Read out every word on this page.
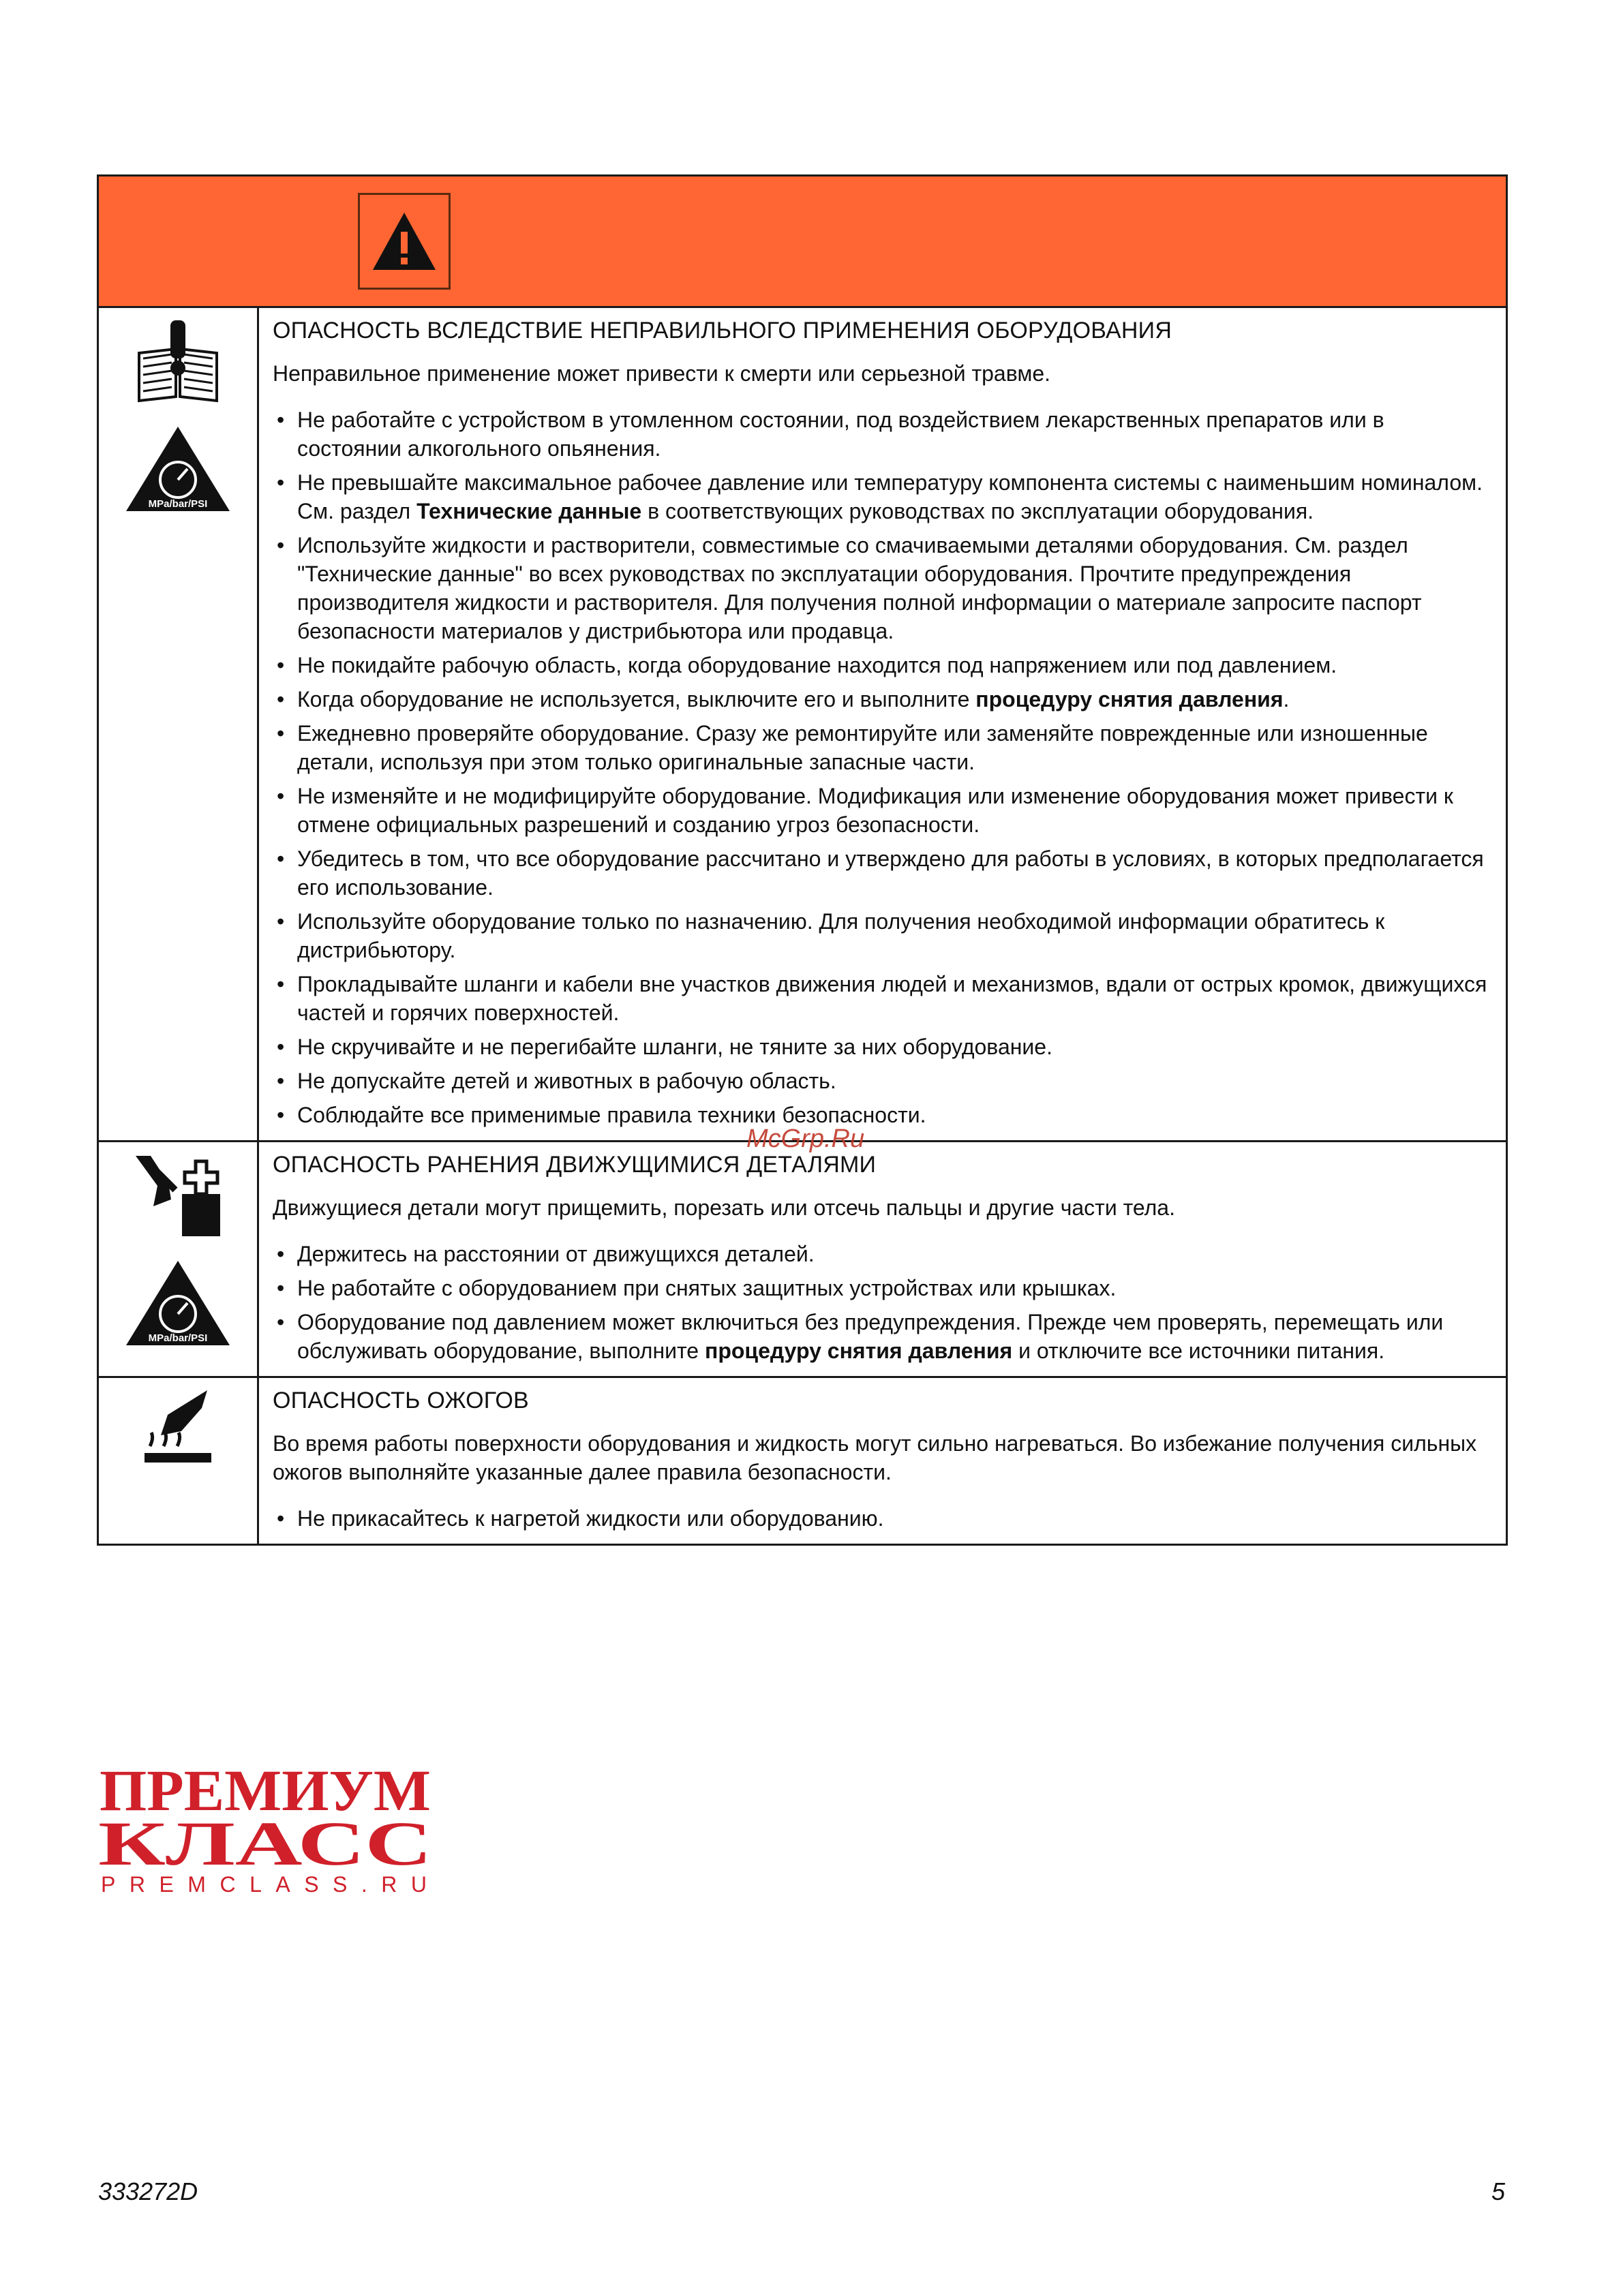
MPa/bar/PSI
ОПАСНОСТЬ ВСЛЕДСТВИЕ НЕПРАВИЛЬНОГО ПРИМЕНЕНИЯ ОБОРУДОВАНИЯ

Неправильное применение может привести к смерти или серьезной травме.

• Не работайте с устройством в утомленном состоянии, под воздействием лекарственных препаратов или в состоянии алкогольного опьянения.
• Не превышайте максимальное рабочее давление или температуру компонента системы с наименьшим номиналом. См. раздел Технические данные в соответствующих руководствах по эксплуатации оборудования.
• Используйте жидкости и растворители, совместимые со смачиваемыми деталями оборудования. См. раздел "Технические данные" во всех руководствах по эксплуатации оборудования. Прочтите предупреждения производителя жидкости и растворителя. Для получения полной информации о материале запросите паспорт безопасности материалов у дистрибьютора или продавца.
• Не покидайте рабочую область, когда оборудование находится под напряжением или под давлением.
• Когда оборудование не используется, выключите его и выполните процедуру снятия давления.
• Ежедневно проверяйте оборудование. Сразу же ремонтируйте или заменяйте поврежденные или изношенные детали, используя при этом только оригинальные запасные части.
• Не изменяйте и не модифицируйте оборудование. Модификация или изменение оборудования может привести к отмене официальных разрешений и созданию угроз безопасности.
• Убедитесь в том, что все оборудование рассчитано и утверждено для работы в условиях, в которых предполагается его использование.
• Используйте оборудование только по назначению. Для получения необходимой информации обратитесь к дистрибьютору.
• Прокладывайте шланги и кабели вне участков движения людей и механизмов, вдали от острых кромок, движущихся частей и горячих поверхностей.
• Не скручивайте и не перегибайте шланги, не тяните за них оборудование.
• Не допускайте детей и животных в рабочую область.
• Соблюдайте все применимые правила техники безопасности.
MPa/bar/PSI
ОПАСНОСТЬ РАНЕНИЯ ДВИЖУЩИМИСЯ ДЕТАЛЯМИ

Движущиеся детали могут прищемить, порезать или отсечь пальцы и другие части тела.

• Держитесь на расстоянии от движущихся деталей.
• Не работайте с оборудованием при снятых защитных устройствах или крышках.
• Оборудование под давлением может включиться без предупреждения. Прежде чем проверять, перемещать или обслуживать оборудование, выполните процедуру снятия давления и отключите все источники питания.
ОПАСНОСТЬ ОЖОГОВ

Во время работы поверхности оборудования и жидкость могут сильно нагреваться. Во избежание получения сильных ожогов выполняйте указанные далее правила безопасности.

• Не прикасайтесь к нагретой жидкости или оборудованию.
McGrp.Ru
ПРЕМИУМ
КЛАСС
PREMCLASS.RU
333272D	5
